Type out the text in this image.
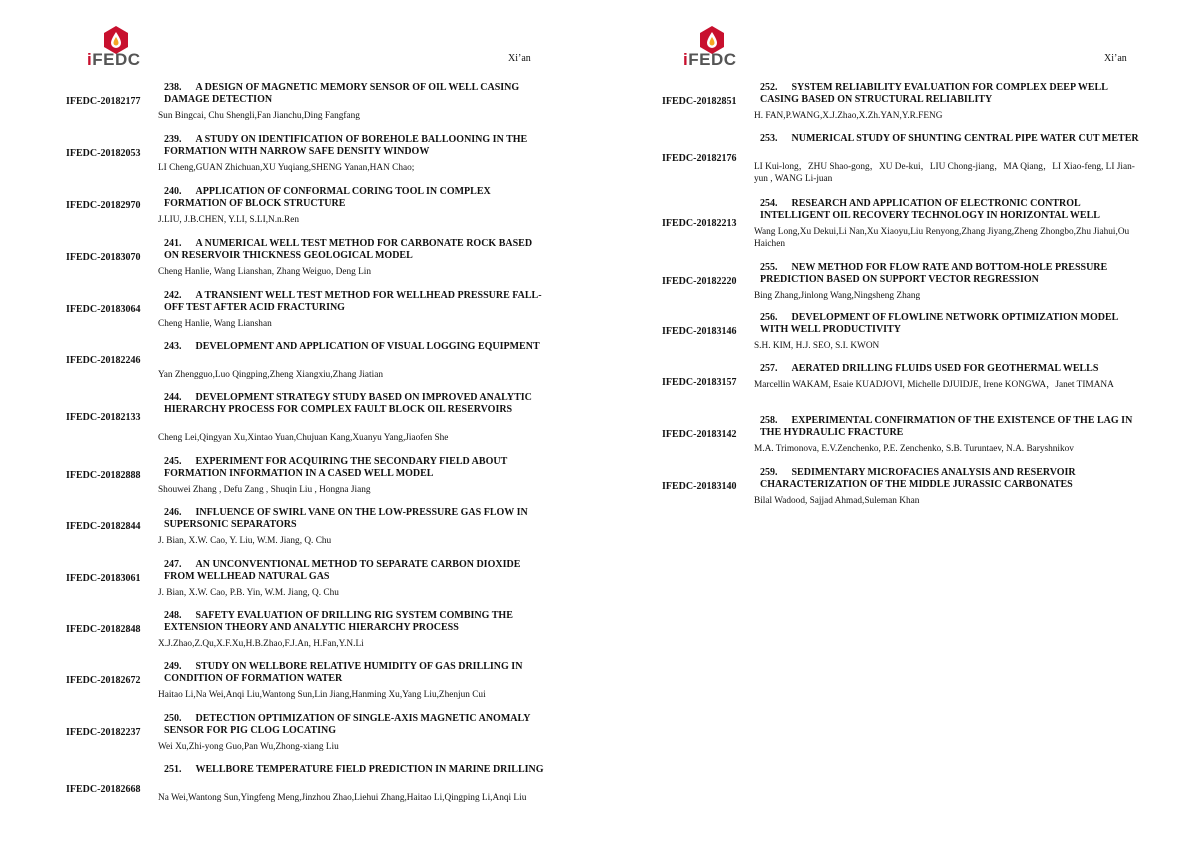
iFEDC	Xi’an
IFEDC-20182177
238. A DESIGN OF MAGNETIC MEMORY SENSOR OF OIL WELL CASING DAMAGE DETECTION
Sun Bingcai, Chu Shengli,Fan Jianchu,Ding Fangfang
IFEDC-20182053
239. A STUDY ON IDENTIFICATION OF BOREHOLE BALLOONING IN THE FORMATION WITH NARROW SAFE DENSITY WINDOW
LI Cheng,GUAN Zhichuan,XU Yuqiang,SHENG Yanan,HAN Chao;
IFEDC-20182970
240. APPLICATION OF CONFORMAL CORING TOOL IN COMPLEX FORMATION OF BLOCK STRUCTURE
J.LIU, J.B.CHEN, Y.LI, S.LI,N.n.Ren
IFEDC-20183070
241. A NUMERICAL WELL TEST METHOD FOR CARBONATE ROCK BASED ON RESERVOIR THICKNESS GEOLOGICAL MODEL
Cheng Hanlie, Wang Lianshan, Zhang Weiguo, Deng Lin
IFEDC-20183064
242. A TRANSIENT WELL TEST METHOD FOR WELLHEAD PRESSURE FALL-OFF TEST AFTER ACID FRACTURING
Cheng Hanlie, Wang Lianshan
IFEDC-20182246
243. DEVELOPMENT AND APPLICATION OF VISUAL LOGGING EQUIPMENT
Yan Zhengguo,Luo Qingping,Zheng Xiangxiu,Zhang Jiatian
IFEDC-20182133
244. DEVELOPMENT STRATEGY STUDY BASED ON IMPROVED ANALYTIC HIERARCHY PROCESS FOR COMPLEX FAULT BLOCK OIL RESERVOIRS
Cheng Lei,Qingyan Xu,Xintao Yuan,Chujuan Kang,Xuanyu Yang,Jiaofen She
IFEDC-20182888
245. EXPERIMENT FOR ACQUIRING THE SECONDARY FIELD ABOUT FORMATION INFORMATION IN A CASED WELL MODEL
Shouwei Zhang , Defu Zang , Shuqin Liu , Hongna Jiang
IFEDC-20182844
246. INFLUENCE OF SWIRL VANE ON THE LOW-PRESSURE GAS FLOW IN SUPERSONIC SEPARATORS
J. Bian, X.W. Cao, Y. Liu, W.M. Jiang, Q. Chu
IFEDC-20183061
247. AN UNCONVENTIONAL METHOD TO SEPARATE CARBON DIOXIDE FROM WELLHEAD NATURAL GAS
J. Bian, X.W. Cao, P.B. Yin, W.M. Jiang, Q. Chu
IFEDC-20182848
248. SAFETY EVALUATION OF DRILLING RIG SYSTEM COMBING THE EXTENSION THEORY AND ANALYTIC HIERARCHY PROCESS
X.J.Zhao,Z.Qu,X.F.Xu,H.B.Zhao,F.J.An, H.Fan,Y.N.Li
IFEDC-20182672
249. STUDY ON WELLBORE RELATIVE HUMIDITY OF GAS DRILLING IN CONDITION OF FORMATION WATER
Haitao Li,Na Wei,Anqi Liu,Wantong Sun,Lin Jiang,Hanming Xu,Yang Liu,Zhenjun Cui
IFEDC-20182237
250. DETECTION OPTIMIZATION OF SINGLE-AXIS MAGNETIC ANOMALY SENSOR FOR PIG CLOG LOCATING
Wei Xu,Zhi-yong Guo,Pan Wu,Zhong-xiang Liu
IFEDC-20182668
251. WELLBORE TEMPERATURE FIELD PREDICTION IN MARINE DRILLING
Na Wei,Wantong Sun,Yingfeng Meng,Jinzhou Zhao,Liehui Zhang,Haitao Li,Qingping Li,Anqi Liu
iFEDC	Xi’an
IFEDC-20182851
252. SYSTEM RELIABILITY EVALUATION FOR COMPLEX DEEP WELL CASING BASED ON STRUCTURAL RELIABILITY
H. FAN,P.WANG,X.J.Zhao,X.Zh.YAN,Y.R.FENG
IFEDC-20182176
253. NUMERICAL STUDY OF SHUNTING CENTRAL PIPE WATER CUT METER
LI Kui-long，ZHU Shao-gong，XU De-kui，LIU Chong-jiang，MA Qiang，LI Xiao-feng, LI Jian-yun , WANG Li-juan
IFEDC-20182213
254. RESEARCH AND APPLICATION OF ELECTRONIC CONTROL INTELLIGENT OIL RECOVERY TECHNOLOGY IN HORIZONTAL WELL
Wang Long,Xu Dekui,Li Nan,Xu Xiaoyu,Liu Renyong,Zhang Jiyang,Zheng Zhongbo,Zhu Jiahui,Ou Haichen
IFEDC-20182220
255. NEW METHOD FOR FLOW RATE AND BOTTOM-HOLE PRESSURE PREDICTION BASED ON SUPPORT VECTOR REGRESSION
Bing Zhang,Jinlong Wang,Ningsheng Zhang
IFEDC-20183146
256. DEVELOPMENT OF FLOWLINE NETWORK OPTIMIZATION MODEL WITH WELL PRODUCTIVITY
S.H. KIM, H.J. SEO, S.I. KWON
IFEDC-20183157
257. AERATED DRILLING FLUIDS USED FOR GEOTHERMAL WELLS
Marcellin WAKAM, Esaie KUADJOVI, Michelle DJUIDJE, Irene KONGWA，Janet TIMANA
IFEDC-20183142
258. EXPERIMENTAL CONFIRMATION OF THE EXISTENCE OF THE LAG IN THE HYDRAULIC FRACTURE
M.A. Trimonova, E.V.Zenchenko, P.E. Zenchenko, S.B. Turuntaev, N.A. Baryshnikov
IFEDC-20183140
259. SEDIMENTARY MICROFACIES ANALYSIS AND RESERVOIR CHARACTERIZATION OF THE MIDDLE JURASSIC CARBONATES
Bilal Wadood, Sajjad Ahmad,Suleman Khan
